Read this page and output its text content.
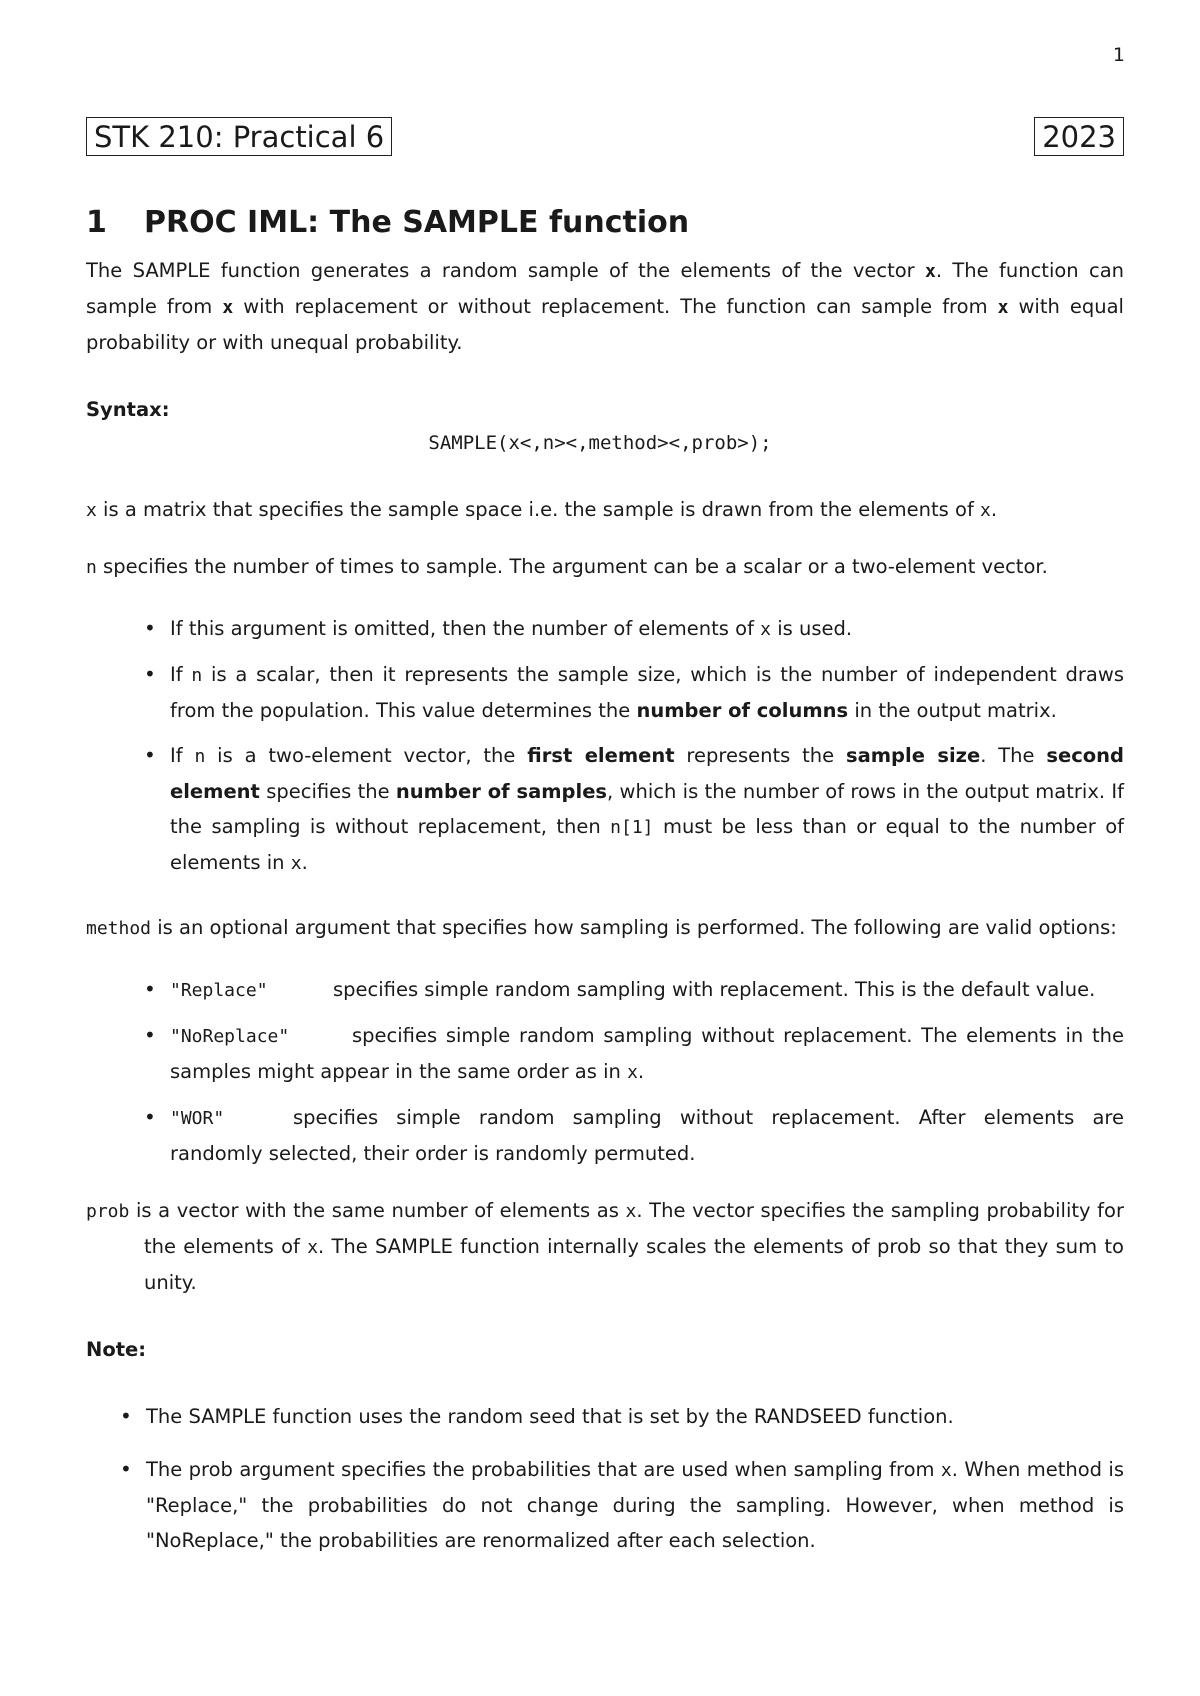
1
STK 210: Practical 6	2023
1 PROC IML: The SAMPLE function
The SAMPLE function generates a random sample of the elements of the vector x. The function can sample from x with replacement or without replacement. The function can sample from x with equal probability or with unequal probability.
Syntax:
SAMPLE(x<,n><,method><,prob>);
x is a matrix that specifies the sample space i.e. the sample is drawn from the elements of x.
n specifies the number of times to sample. The argument can be a scalar or a two-element vector.
• If this argument is omitted, then the number of elements of x is used.
• If n is a scalar, then it represents the sample size, which is the number of independent draws from the population. This value determines the number of columns in the output matrix.
• If n is a two-element vector, the first element represents the sample size. The second element specifies the number of samples, which is the number of rows in the output matrix. If the sampling is without replacement, then n[1] must be less than or equal to the number of elements in x.
method is an optional argument that specifies how sampling is performed. The following are valid options:
• "Replace"	specifies simple random sampling with replacement. This is the default value.
• "NoReplace"	specifies simple random sampling without replacement. The elements in the samples might appear in the same order as in x.
• "WOR"	specifies simple random sampling without replacement. After elements are randomly selected, their order is randomly permuted.
prob is a vector with the same number of elements as x. The vector specifies the sampling probability for the elements of x. The SAMPLE function internally scales the elements of prob so that they sum to unity.
Note:
• The SAMPLE function uses the random seed that is set by the RANDSEED function.
• The prob argument specifies the probabilities that are used when sampling from x. When method is "Replace," the probabilities do not change during the sampling. However, when method is "NoReplace," the probabilities are renormalized after each selection.
